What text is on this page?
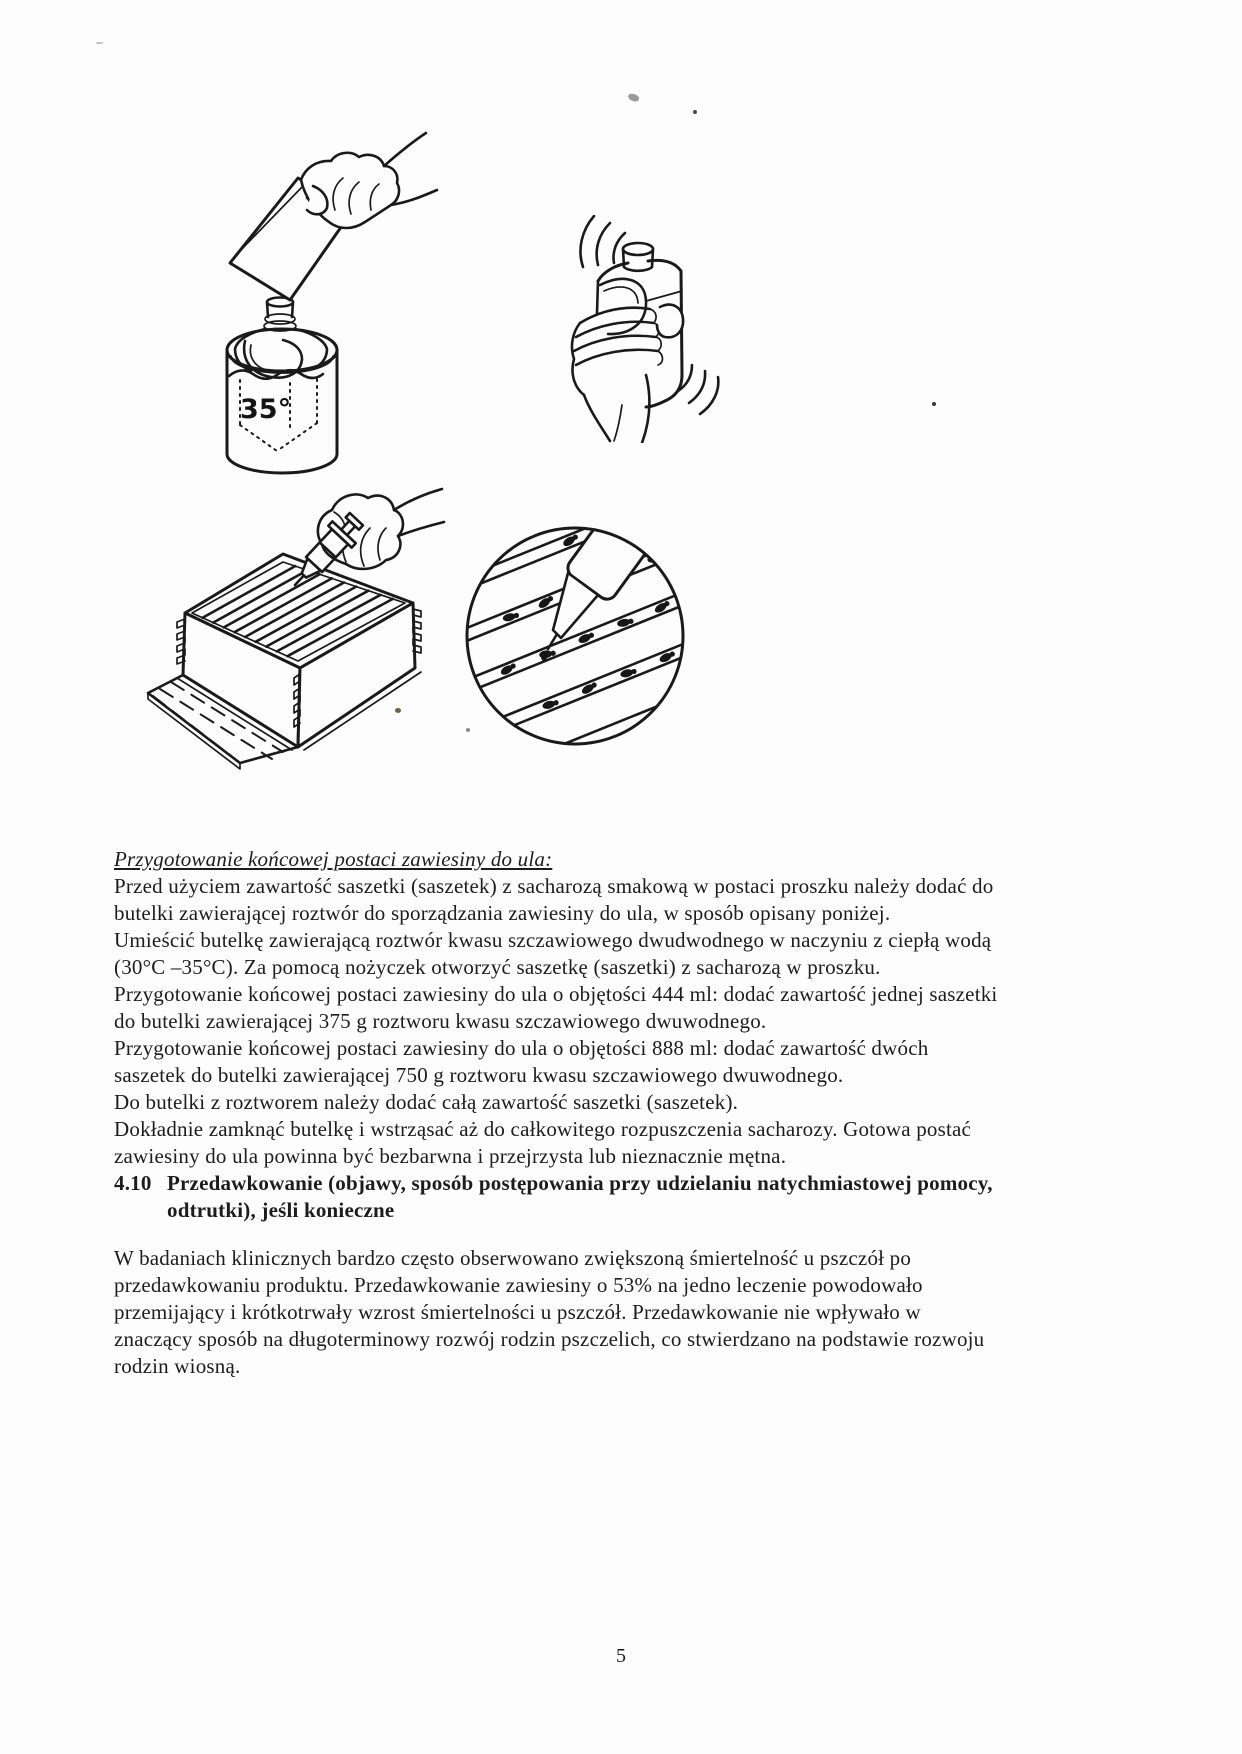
35°

Przygotowanie końcowej postaci zawiesiny do ula:

Przed użyciem zawartość saszetki (saszetek) z sacharozą smakową w postaci proszku należy dodać do
butelki zawierającej roztwór do sporządzania zawiesiny do ula, w sposób opisany poniżej.

Umieścić butelkę zawierającą roztwór kwasu szczawiowego dwudwodnego w naczyniu z ciepłą wodą
(30°C –35°C). Za pomocą nożyczek otworzyć saszetkę (saszetki) z sacharozą w proszku.

Przygotowanie końcowej postaci zawiesiny do ula o objętości 444 ml: dodać zawartość jednej saszetki
do butelki zawierającej 375 g roztworu kwasu szczawiowego dwuwodnego.
Przygotowanie końcowej postaci zawiesiny do ula o objętości 888 ml: dodać zawartość dwóch
saszetek do butelki zawierającej 750 g roztworu kwasu szczawiowego dwuwodnego.
Do butelki z roztworem należy dodać całą zawartość saszetki (saszetek).

Dokładnie zamknąć butelkę i wstrząsać aż do całkowitego rozpuszczenia sacharozy. Gotowa postać
zawiesiny do ula powinna być bezbarwna i przejrzysta lub nieznacznie mętna.

4.10 Przedawkowanie (objawy, sposób postępowania przy udzielaniu natychmiastowej pomocy,
odtrutki), jeśli konieczne

W badaniach klinicznych bardzo często obserwowano zwiększoną śmiertelność u pszczół po
przedawkowaniu produktu. Przedawkowanie zawiesiny o 53% na jedno leczenie powodowało
przemijający i krótkotrwały wzrost śmiertelności u pszczół. Przedawkowanie nie wpływało w
znaczący sposób na długoterminowy rozwój rodzin pszczelich, co stwierdzano na podstawie rozwoju
rodzin wiosną.

5
